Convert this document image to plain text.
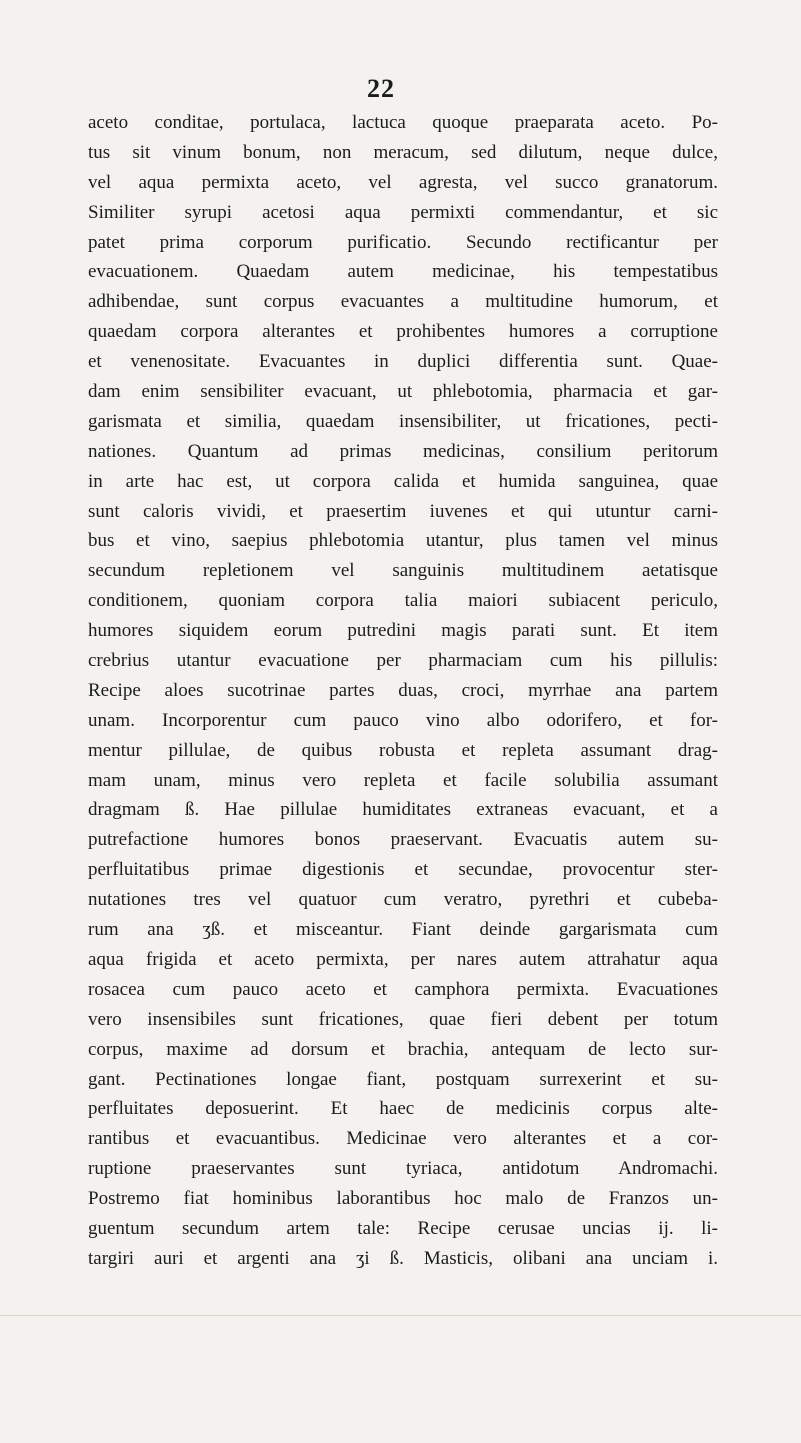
22
aceto conditae, portulaca, lactuca quoque praeparata aceto. Po-
tus sit vinum bonum, non meracum, sed dilutum, neque dulce,
vel aqua permixta aceto, vel agresta, vel succo granatorum.
Similiter syrupi acetosi aqua permixti commendantur, et sic
patet prima corporum purificatio. Secundo rectificantur per
evacuationem. Quaedam autem medicinae, his tempestatibus
adhibendae, sunt corpus evacuantes a multitudine humorum, et
quaedam corpora alterantes et prohibentes humores a corruptione
et venenositate. Evacuantes in duplici differentia sunt. Quae-
dam enim sensibiliter evacuant, ut phlebotomia, pharmacia et gar-
garismata et similia, quaedam insensibiliter, ut fricationes, pecti-
nationes. Quantum ad primas medicinas, consilium peritorum
in arte hac est, ut corpora calida et humida sanguinea, quae
sunt caloris vividi, et praesertim iuvenes et qui utuntur carni-
bus et vino, saepius phlebotomia utantur, plus tamen vel minus
secundum repletionem vel sanguinis multitudinem aetatisque
conditionem, quoniam corpora talia maiori subiacent periculo,
humores siquidem eorum putredini magis parati sunt. Et item
crebrius utantur evacuatione per pharmaciam cum his pillulis:
Recipe aloes sucotrinae partes duas, croci, myrrhae ana partem
unam. Incorporentur cum pauco vino albo odorifero, et for-
mentur pillulae, de quibus robusta et repleta assumant drag-
mam unam, minus vero repleta et facile solubilia assumant
dragmam ß. Hae pillulae humiditates extraneas evacuant, et a
putrefactione humores bonos praeservant. Evacuatis autem su-
perfluitatibus primae digestionis et secundae, provocentur ster-
nutationes tres vel quatuor cum veratro, pyrethri et cubeba-
rum ana ʒß. et misceantur. Fiant deinde gargarismata cum
aqua frigida et aceto permixta, per nares autem attrahatur aqua
rosacea cum pauco aceto et camphora permixta. Evacuationes
vero insensibiles sunt fricationes, quae fieri debent per totum
corpus, maxime ad dorsum et brachia, antequam de lecto sur-
gant. Pectinationes longae fiant, postquam surrexerint et su-
perfluitates deposuerint. Et haec de medicinis corpus alte-
rantibus et evacuantibus. Medicinae vero alterantes et a cor-
ruptione praeservantes sunt tyriaca, antidotum Andromachi.
Postremo fiat hominibus laborantibus hoc malo de Franzos un-
guentum secundum artem tale: Recipe cerusae uncias ij. li-
targiri auri et argenti ana ʒi ß. Masticis, olibani ana unciam i.
